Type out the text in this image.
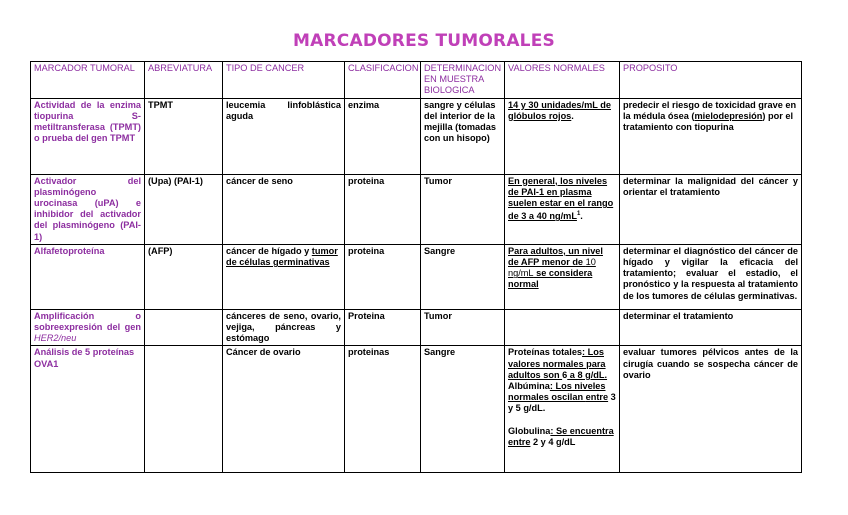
MARCADORES TUMORALES
MARCADOR TUMORAL	ABREVIATURA	TIPO DE CANCER	CLASIFICACION	DETERMINACION EN MUESTRA BIOLOGICA	VALORES NORMALES	PROPOSITO
Actividad de la enzima tiopurina S-metiltransferasa (TPMT) o prueba del gen TPMT	TPMT	leucemia linfoblástica aguda	enzima	sangre y células del interior de la mejilla (tomadas con un hisopo)	14 y 30 unidades/mL de glóbulos rojos.	predecir el riesgo de toxicidad grave en la médula ósea (mielodepresión) por el tratamiento con tiopurina
Activador del plasminógeno urocinasa (uPA) e inhibidor del activador del plasminógeno (PAI-1)	(Upa) (PAI-1)	cáncer de seno	proteina	Tumor	En general, los niveles de PAI-1 en plasma suelen estar en el rango de 3 a 40 $ng/mL^1$.	determinar la malignidad del cáncer y orientar el tratamiento
Alfafetoproteína	(AFP)	cáncer de hígado y tumor de células germinativas	proteina	Sangre	Para adultos, un nivel de AFP menor de 10 ng/mL se considera normal	determinar el diagnóstico del cáncer de hígado y vigilar la eficacia del tratamiento; evaluar el estadio, el pronóstico y la respuesta al tratamiento de los tumores de células germinativas.
Amplificación o sobreexpresión del gen HER2/neu		cánceres de seno, ovario, vejiga, páncreas y estómago	Proteina	Tumor		determinar el tratamiento
Análisis de 5 proteínas OVA1		Cáncer de ovario	proteinas	Sangre	Proteínas totales: Los valores normales para adultos son 6 a 8 g/dL.
Albúmina: Los niveles normales oscilan entre 3 y 5 g/dL.
Globulina: Se encuentra entre 2 y 4 g/dL	evaluar tumores pélvicos antes de la cirugía cuando se sospecha cáncer de ovario
